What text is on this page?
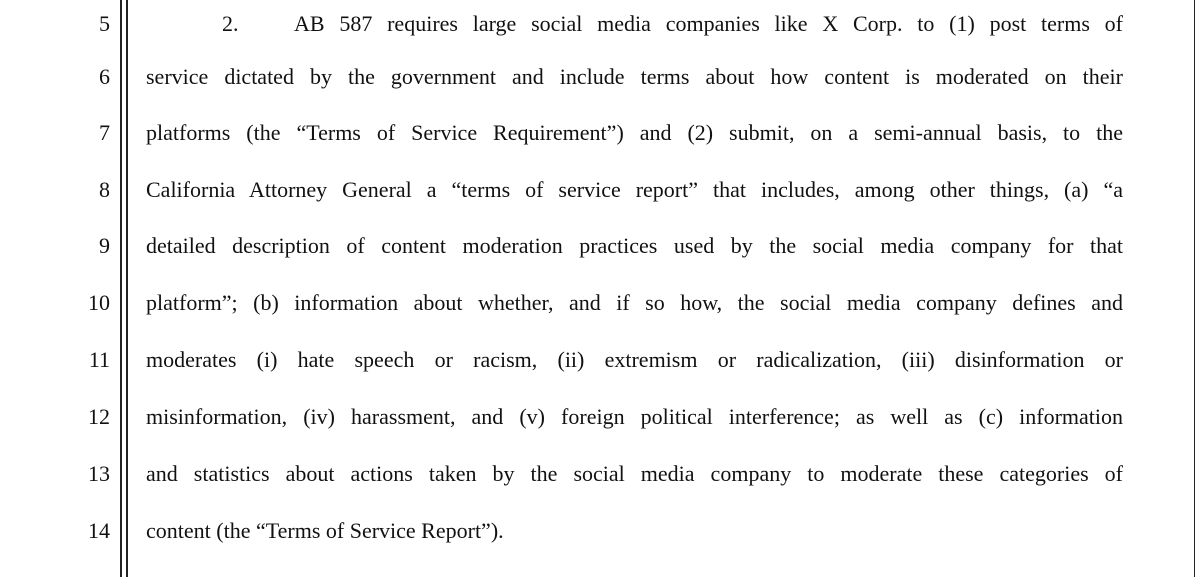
5	2.	AB 587 requires large social media companies like X Corp. to (1) post terms of
6 service dictated by the government and include terms about how content is moderated on their
7 platforms (the “Terms of Service Requirement”) and (2) submit, on a semi-annual basis, to the
8 California Attorney General a “terms of service report” that includes, among other things, (a) “a
9 detailed description of content moderation practices used by the social media company for that
10 platform”; (b) information about whether, and if so how, the social media company defines and
11 moderates (i) hate speech or racism, (ii) extremism or radicalization, (iii) disinformation or
12 misinformation, (iv) harassment, and (v) foreign political interference; as well as (c) information
13 and statistics about actions taken by the social media company to moderate these categories of
14 content (the “Terms of Service Report”).
